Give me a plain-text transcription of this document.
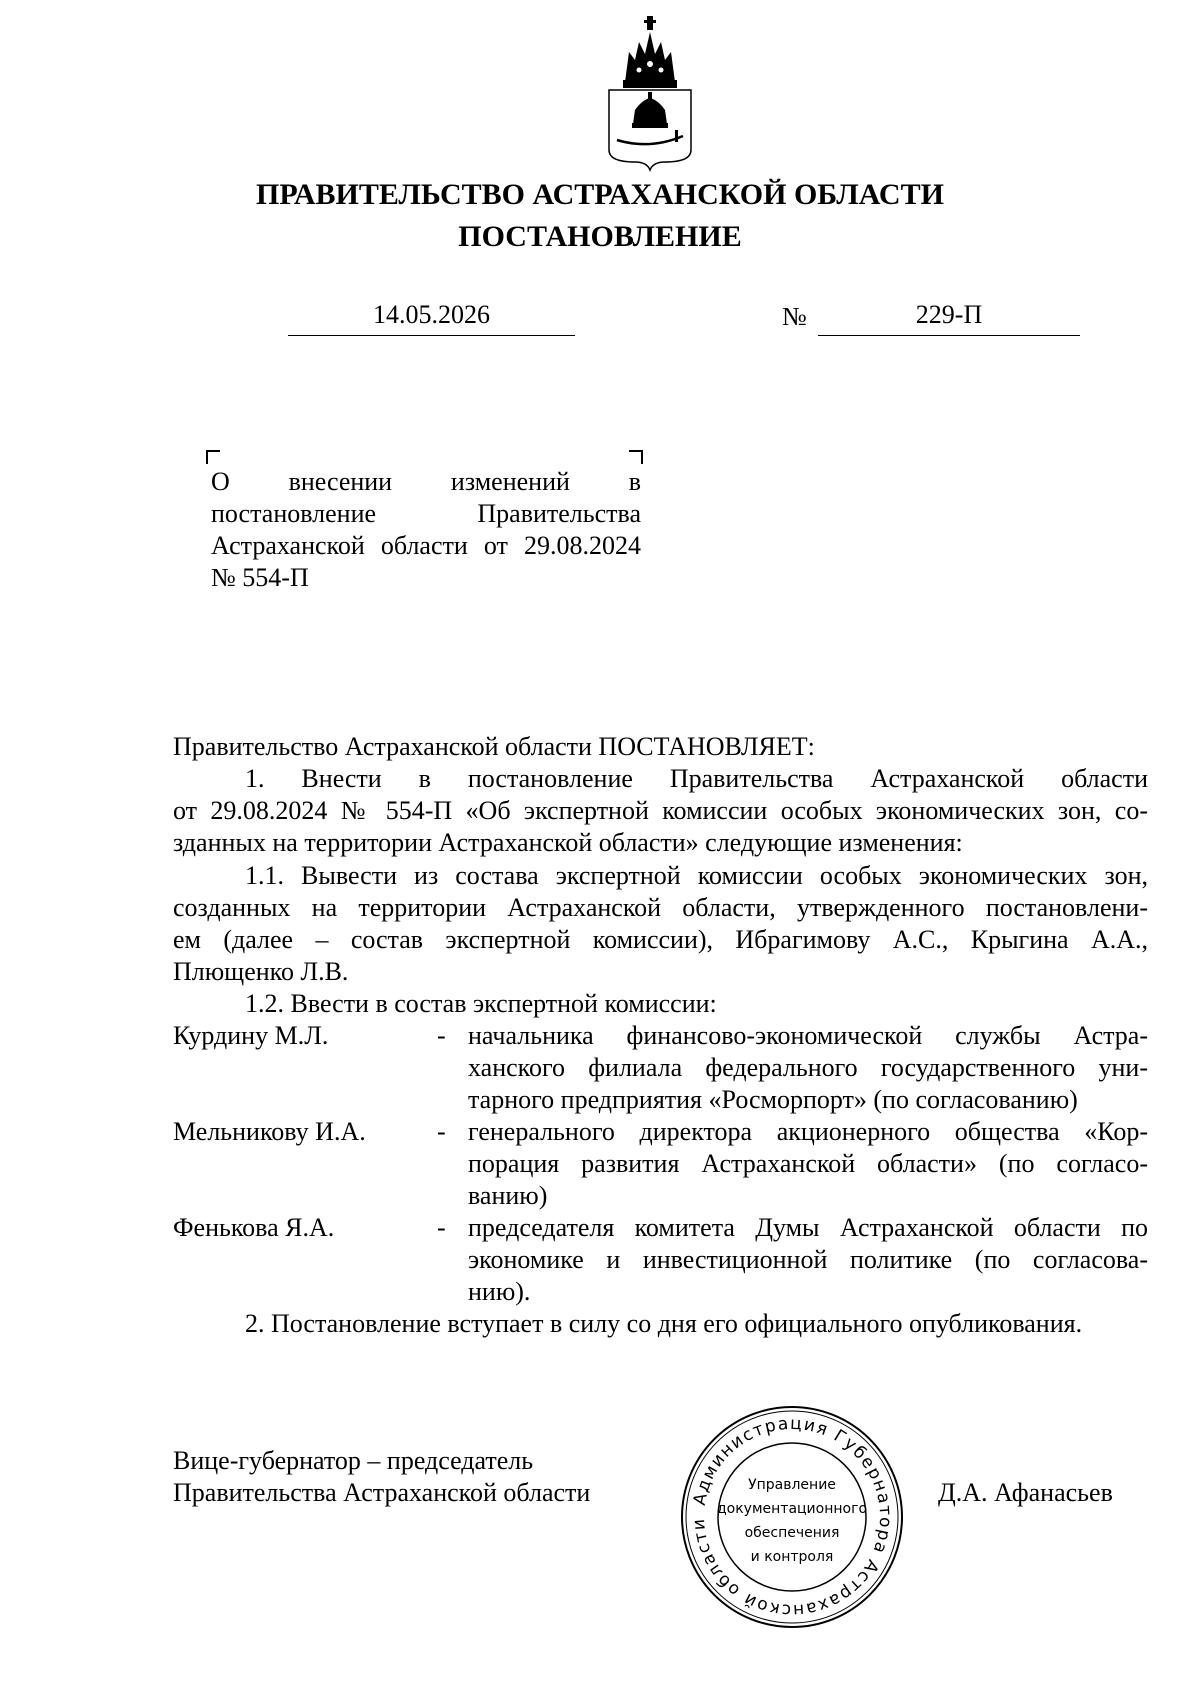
ПРАВИТЕЛЬСТВО АСТРАХАНСКОЙ ОБЛАСТИ
ПОСТАНОВЛЕНИЕ
14.05.2026	№	229-П
О внесении изменений в постановление Правительства Астраханской области от 29.08.2024 № 554-П
Правительство Астраханской области ПОСТАНОВЛЯЕТ:
1. Внести в постановление Правительства Астраханской области
от 29.08.2024 № 554-П «Об экспертной комиссии особых экономических зон, со-
зданных на территории Астраханской области» следующие изменения:
1.1. Вывести из состава экспертной комиссии особых экономических зон,
созданных на территории Астраханской области, утвержденного постановлени-
ем (далее – состав экспертной комиссии), Ибрагимову А.С., Крыгина А.А.,
Плющенко Л.В.
1.2. Ввести в состав экспертной комиссии:
Курдину М.Л.	- начальника финансово-экономической службы Астра-
ханского филиала федерального государственного уни-
тарного предприятия «Росморпорт» (по согласованию)
Мельникову И.А.	- генерального директора акционерного общества «Кор-
порация развития Астраханской области» (по согласо-
ванию)
Фенькова Я.А.	- председателя комитета Думы Астраханской области по
экономике и инвестиционной политике (по согласова-
нию).
2. Постановление вступает в силу со дня его официального опубликования.
Вице-губернатор – председатель
Правительства Астраханской области	Д.А. Афанасьев
Администрация Губернатора Астраханской области
Управление
документационного
обеспечения
и контроля
